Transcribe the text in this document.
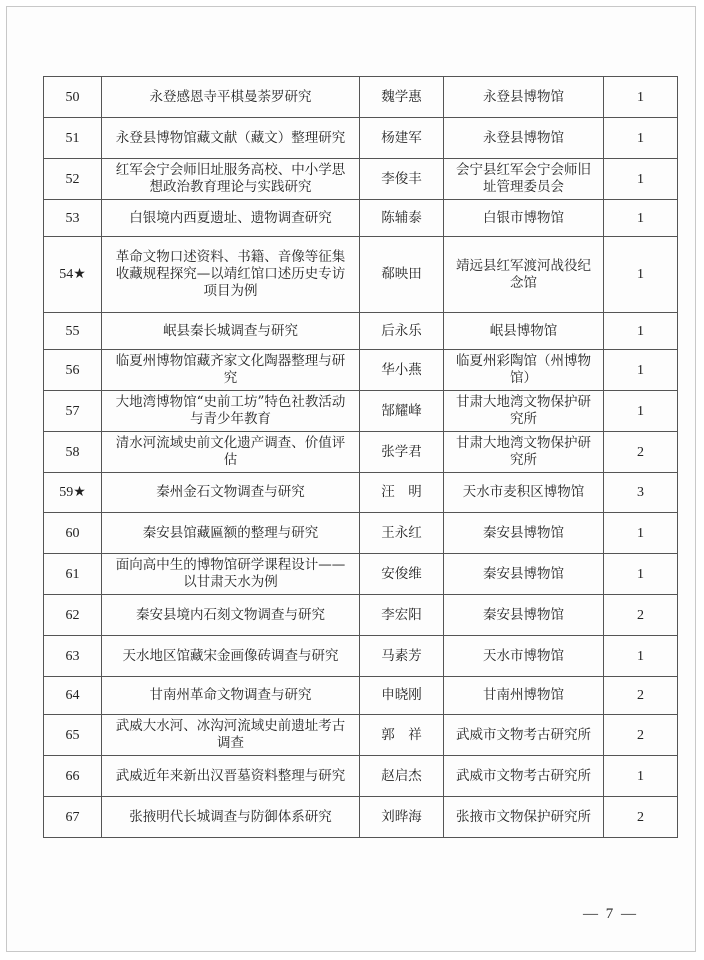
50	永登感恩寺平棋曼荼罗研究	魏学惠	永登县博物馆	1
51	永登县博物馆藏文献（藏文）整理研究	杨建军	永登县博物馆	1
52	红军会宁会师旧址服务高校、中小学思想政治教育理论与实践研究	李俊丰	会宁县红军会宁会师旧址管理委员会	1
53	白银境内西夏遗址、遗物调查研究	陈辅泰	白银市博物馆	1
54★	革命文物口述资料、书籍、音像等征集收藏规程探究—以靖红馆口述历史专访项目为例	郗映田	靖远县红军渡河战役纪念馆	1
55	岷县秦长城调查与研究	后永乐	岷县博物馆	1
56	临夏州博物馆藏齐家文化陶器整理与研究	华小燕	临夏州彩陶馆（州博物馆）	1
57	大地湾博物馆“史前工坊”特色社教活动与青少年教育	郜耀峰	甘肃大地湾文物保护研究所	1
58	清水河流域史前文化遗产调查、价值评估	张学君	甘肃大地湾文物保护研究所	2
59★	秦州金石文物调查与研究	汪　明	天水市麦积区博物馆	3
60	秦安县馆藏匾额的整理与研究	王永红	秦安县博物馆	1
61	面向高中生的博物馆研学课程设计——以甘肃天水为例	安俊维	秦安县博物馆	1
62	秦安县境内石刻文物调查与研究	李宏阳	秦安县博物馆	2
63	天水地区馆藏宋金画像砖调查与研究	马素芳	天水市博物馆	1
64	甘南州革命文物调查与研究	申晓刚	甘南州博物馆	2
65	武威大水河、冰沟河流域史前遗址考古调查	郭　祥	武威市文物考古研究所	2
66	武威近年来新出汉晋墓资料整理与研究	赵启杰	武威市文物考古研究所	1
67	张掖明代长城调查与防御体系研究	刘晔海	张掖市文物保护研究所	2
— 7 —
